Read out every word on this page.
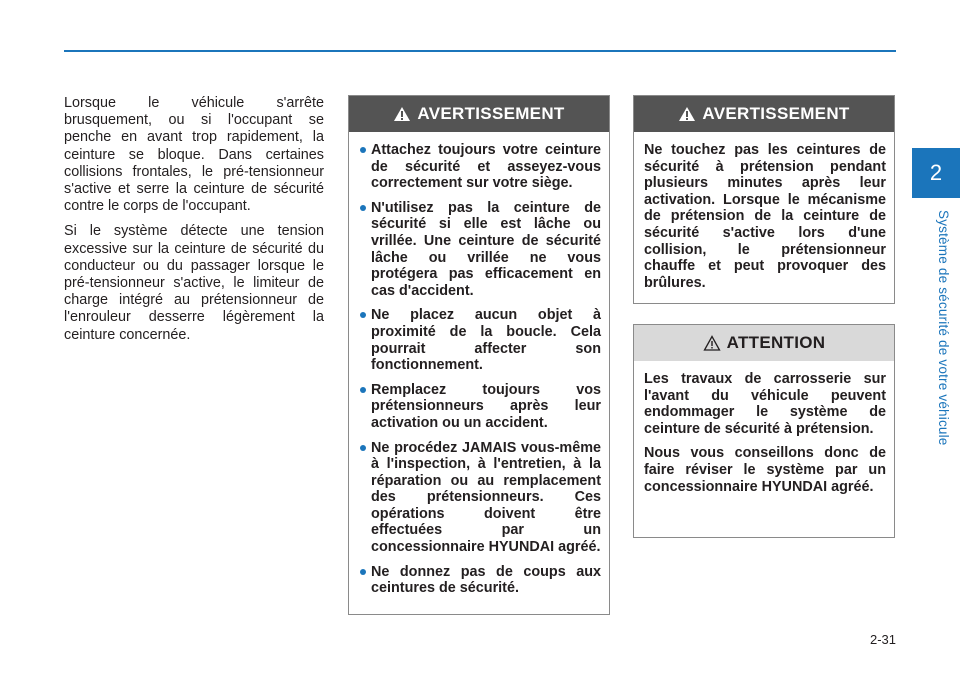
2
Système de sécurité de votre véhicule

Lorsque le véhicule s'arrête brusquement, ou si l'occupant se penche en avant trop rapidement, la ceinture se bloque. Dans certaines collisions frontales, le pré-tensionneur s'active et serre la ceinture de sécurité contre le corps de l'occupant.

Si le système détecte une tension excessive sur la ceinture de sécurité du conducteur ou du passager lorsque le pré-tensionneur s'active, le limiteur de charge intégré au prétensionneur de l'enrouleur desserre légèrement la ceinture concernée.

AVERTISSEMENT
Attachez toujours votre ceinture de sécurité et asseyez-vous correctement sur votre siège.
N'utilisez pas la ceinture de sécurité si elle est lâche ou vrillée. Une ceinture de sécurité lâche ou vrillée ne vous protégera pas efficacement en cas d'accident.
Ne placez aucun objet à proximité de la boucle. Cela pourrait affecter son fonctionnement.
Remplacez toujours vos prétensionneurs après leur activation ou un accident.
Ne procédez JAMAIS vous-même à l'inspection, à l'entretien, à la réparation ou au remplacement des prétensionneurs. Ces opérations doivent être effectuées par un concessionnaire HYUNDAI agréé.
Ne donnez pas de coups aux ceintures de sécurité.
AVERTISSEMENT

Ne touchez pas les ceintures de sécurité à prétension pendant plusieurs minutes après leur activation. Lorsque le mécanisme de prétension de la ceinture de sécurité s'active lors d'une collision, le prétensionneur chauffe et peut provoquer des brûlures.

ATTENTION

Les travaux de carrosserie sur l'avant du véhicule peuvent endommager le système de ceinture de sécurité à prétension.

Nous vous conseillons donc de faire réviser le système par un concessionnaire HYUNDAI agréé.

2-31
